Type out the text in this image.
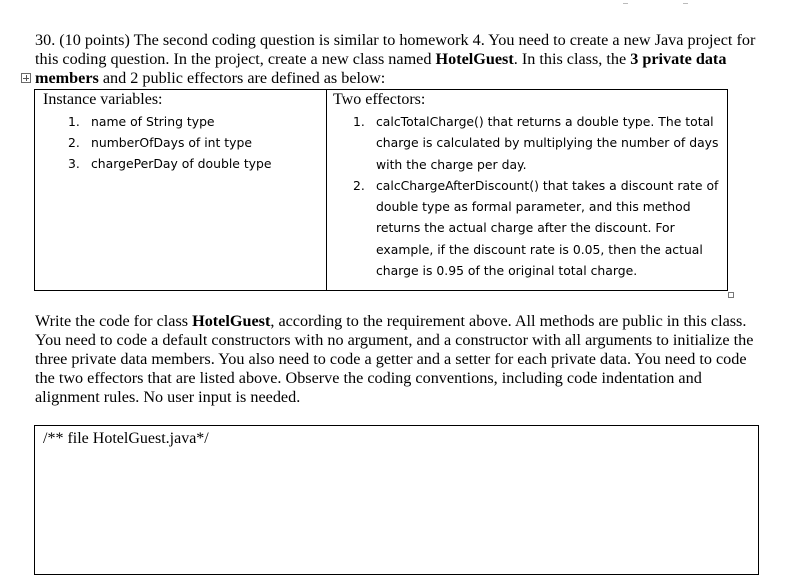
30. (10 points) The second coding question is similar to homework 4. You need to create a new Java project for this coding question. In the project, create a new class named HotelGuest. In this class, the 3 private data members and 2 public effectors are defined as below:

Instance variables:
1. name of String type
2. numberOfDays of int type
3. chargePerDay of double type
Two effectors:
1. calcTotalCharge() that returns a double type. The total charge is calculated by multiplying the number of days with the charge per day.
2. calcChargeAfterDiscount() that takes a discount rate of double type as formal parameter, and this method returns the actual charge after the discount. For example, if the discount rate is 0.05, then the actual charge is 0.95 of the original total charge.

Write the code for class HotelGuest, according to the requirement above. All methods are public in this class. You need to code a default constructors with no argument, and a constructor with all arguments to initialize the three private data members. You also need to code a getter and a setter for each private data. You need to code the two effectors that are listed above. Observe the coding conventions, including code indentation and alignment rules. No user input is needed.

/** file HotelGuest.java*/
